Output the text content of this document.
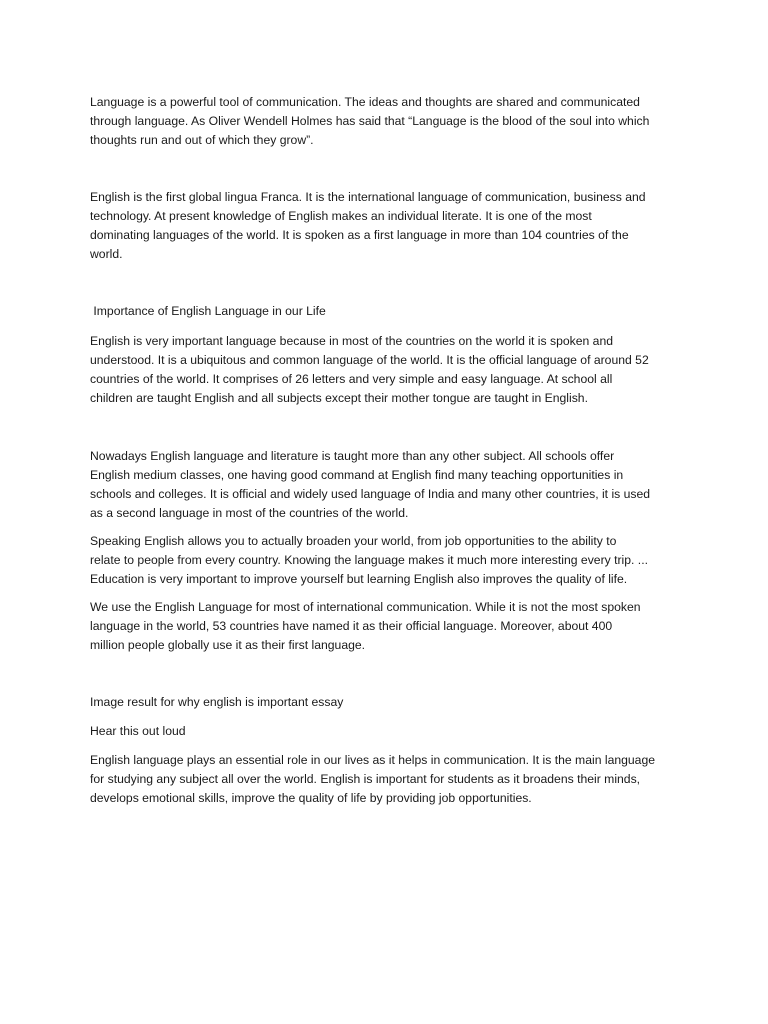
Language is a powerful tool of communication. The ideas and thoughts are shared and communicated
through language. As Oliver Wendell Holmes has said that “Language is the blood of the soul into which
thoughts run and out of which they grow”.

English is the first global lingua Franca. It is the international language of communication, business and
technology. At present knowledge of English makes an individual literate. It is one of the most
dominating languages of the world. It is spoken as a first language in more than 104 countries of the
world.

Importance of English Language in our Life

English is very important language because in most of the countries on the world it is spoken and
understood. It is a ubiquitous and common language of the world. It is the official language of around 52
countries of the world. It comprises of 26 letters and very simple and easy language. At school all
children are taught English and all subjects except their mother tongue are taught in English.

Nowadays English language and literature is taught more than any other subject. All schools offer
English medium classes, one having good command at English find many teaching opportunities in
schools and colleges. It is official and widely used language of India and many other countries, it is used
as a second language in most of the countries of the world.

Speaking English allows you to actually broaden your world, from job opportunities to the ability to
relate to people from every country. Knowing the language makes it much more interesting every trip. ...
Education is very important to improve yourself but learning English also improves the quality of life.

We use the English Language for most of international communication. While it is not the most spoken
language in the world, 53 countries have named it as their official language. Moreover, about 400
million people globally use it as their first language.

Image result for why english is important essay

Hear this out loud

English language plays an essential role in our lives as it helps in communication. It is the main language
for studying any subject all over the world. English is important for students as it broadens their minds,
develops emotional skills, improve the quality of life by providing job opportunities.
